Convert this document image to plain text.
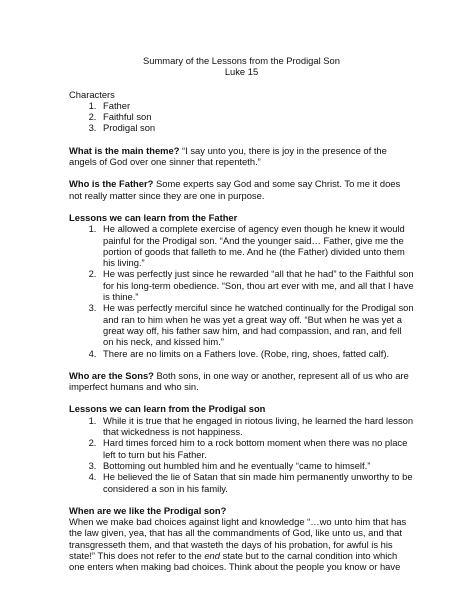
Summary of the Lessons from the Prodigal Son
Luke 15
Characters
1. Father
2. Faithful son
3. Prodigal son

What is the main theme? “I say unto you, there is joy in the presence of the angels of God over one sinner that repenteth.”

Who is the Father? Some experts say God and some say Christ. To me it does not really matter since they are one in purpose.

Lessons we can learn from the Father
1. He allowed a complete exercise of agency even though he knew it would painful for the Prodigal son. “And the younger said… Father, give me the portion of goods that falleth to me. And he (the Father) divided unto them his living.”
2. He was perfectly just since he rewarded “all that he had” to the Faithful son for his long-term obedience. “Son, thou art ever with me, and all that I have is thine.”
3. He was perfectly merciful since he watched continually for the Prodigal son and ran to him when he was yet a great way off. “But when he was yet a great way off, his father saw him, and had compassion, and ran, and fell on his neck, and kissed him.”
4. There are no limits on a Fathers love. (Robe, ring, shoes, fatted calf).

Who are the Sons? Both sons, in one way or another, represent all of us who are imperfect humans and who sin.

Lessons we can learn from the Prodigal son
1. While it is true that he engaged in riotous living, he learned the hard lesson that wickedness is not happiness.
2. Hard times forced him to a rock bottom moment when there was no place left to turn but his Father.
3. Bottoming out humbled him and he eventually “came to himself.”
4. He believed the lie of Satan that sin made him permanently unworthy to be considered a son in his family.
When are we like the Prodigal son?

When we make bad choices against light and knowledge “…wo unto him that has the law given, yea, that has all the commandments of God, like unto us, and that transgresseth them, and that wasteth the days of his probation, for awful is his state!” This does not refer to the end state but to the carnal condition into which one enters when making bad choices. Think about the people you know or have
